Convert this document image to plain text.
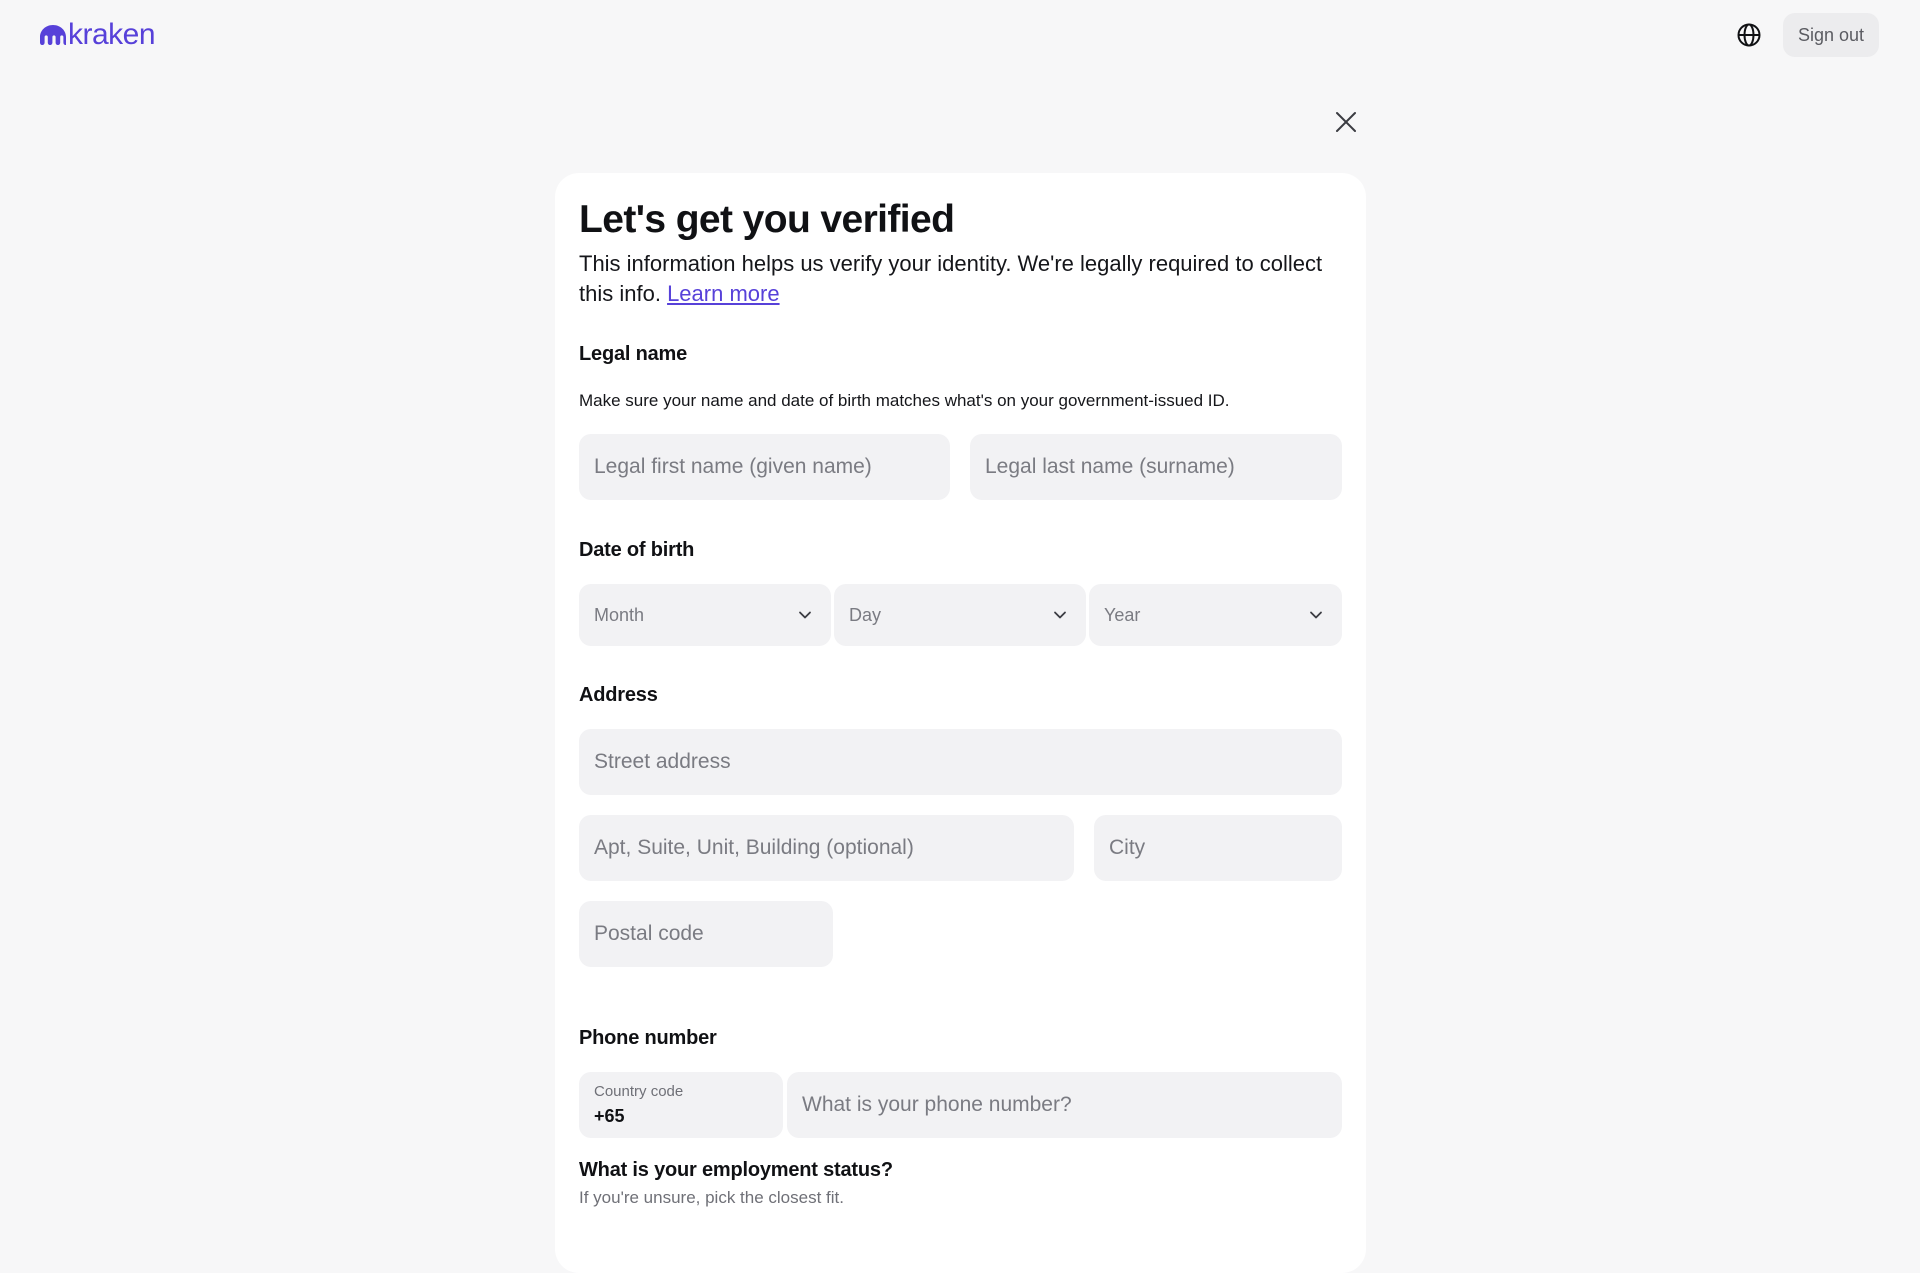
kraken	Sign out
Let's get you verified
This information helps us verify your identity. We're legally required to collect this info. Learn more
Legal name
Make sure your name and date of birth matches what's on your government-issued ID.
Legal first name (given name)	Legal last name (surname)
Date of birth
Month	Day	Year
Address
Street address
Apt, Suite, Unit, Building (optional)	City
Postal code
Phone number
Country code
+65	What is your phone number?
What is your employment status?
If you're unsure, pick the closest fit.
